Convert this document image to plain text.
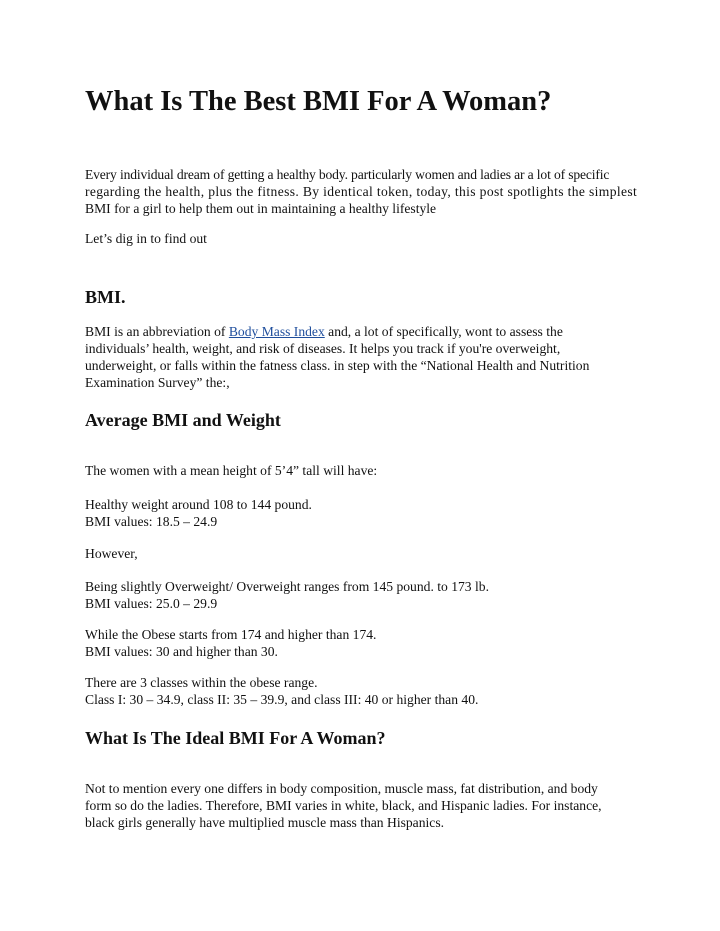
What Is The Best BMI For A Woman?
Every individual dream of getting a healthy body. particularly women and ladies ar a lot of specific
regarding the health, plus the fitness. By identical token, today, this post spotlights the simplest
BMI for a girl to help them out in maintaining a healthy lifestyle

Let’s dig in to find out

BMI.
BMI is an abbreviation of Body Mass Index and, a lot of specifically, wont to assess the
individuals’ health, weight, and risk of diseases. It helps you track if you're overweight,
underweight, or falls within the fatness class. in step with the “National Health and Nutrition
Examination Survey” the:,
Average BMI and Weight

The women with a mean height of 5’4” tall will have:

Healthy weight around 108 to 144 pound.
BMI values: 18.5 – 24.9

However,

Being slightly Overweight/ Overweight ranges from 145 pound. to 173 lb.
BMI values: 25.0 – 29.9
While the Obese starts from 174 and higher than 174.
BMI values: 30 and higher than 30.
There are 3 classes within the obese range.
Class I: 30 – 34.9, class II: 35 – 39.9, and class III: 40 or higher than 40.
What Is The Ideal BMI For A Woman?
Not to mention every one differs in body composition, muscle mass, fat distribution, and body
form so do the ladies. Therefore, BMI varies in white, black, and Hispanic ladies. For instance,
black girls generally have multiplied muscle mass than Hispanics.
